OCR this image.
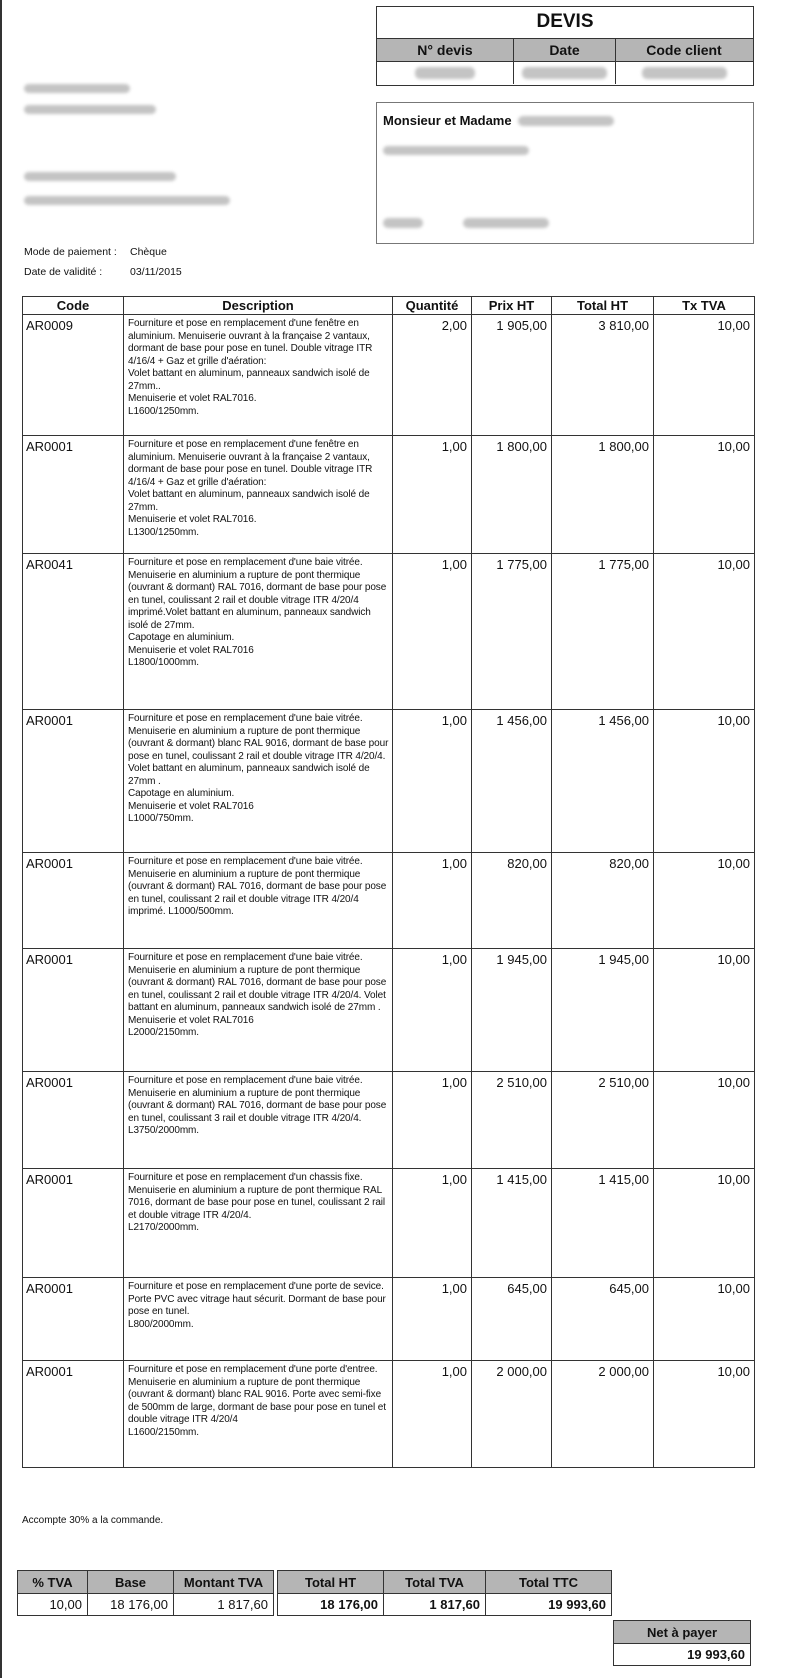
DEVIS
N° devis	Date	Code client
Monsieur et Madame
Mode de paiement : Chèque
Date de validité :	03/11/2015
Code	Description	Quantité	Prix HT	Total HT	Tx TVA
AR0009	Fourniture et pose en remplacement d'une fenêtre en aluminium. Menuiserie ouvrant à la française 2 vantaux, dormant de base pour pose en tunel. Double vitrage ITR 4/16/4 + Gaz et grille d'aération:
Volet battant en aluminum, panneaux sandwich isolé de 27mm..
Menuiserie et volet RAL7016.
L1600/1250mm.	2,00	1 905,00	3 810,00	10,00
AR0001	Fourniture et pose en remplacement d'une fenêtre en aluminium. Menuiserie ouvrant à la française 2 vantaux, dormant de base pour pose en tunel. Double vitrage ITR 4/16/4 + Gaz et grille d'aération:
Volet battant en aluminum, panneaux sandwich isolé de 27mm.
Menuiserie et volet RAL7016.
L1300/1250mm.	1,00	1 800,00	1 800,00	10,00
AR0041	Fourniture et pose en remplacement d'une baie vitrée. Menuiserie en aluminium a rupture de pont thermique (ouvrant & dormant) RAL 7016, dormant de base pour pose en tunel, coulissant 2 rail et double vitrage ITR 4/20/4 imprimé.Volet battant en aluminum, panneaux sandwich isolé de 27mm.
Capotage en aluminium.
Menuiserie et volet RAL7016
L1800/1000mm.	1,00	1 775,00	1 775,00	10,00
AR0001	Fourniture et pose en remplacement d'une baie vitrée. Menuiserie en aluminium a rupture de pont thermique (ouvrant & dormant) blanc RAL 9016, dormant de base pour pose en tunel, coulissant 2 rail et double vitrage ITR 4/20/4. Volet battant en aluminum, panneaux sandwich isolé de 27mm .
Capotage en aluminium.
Menuiserie et volet RAL7016
L1000/750mm.	1,00	1 456,00	1 456,00	10,00
AR0001	Fourniture et pose en remplacement d'une baie vitrée. Menuiserie en aluminium a rupture de pont thermique (ouvrant & dormant) RAL 7016, dormant de base pour pose en tunel, coulissant 2 rail et double vitrage ITR 4/20/4 imprimé. L1000/500mm.	1,00	820,00	820,00	10,00
AR0001	Fourniture et pose en remplacement d'une baie vitrée. Menuiserie en aluminium a rupture de pont thermique (ouvrant & dormant) RAL 7016, dormant de base pour pose en tunel, coulissant 2 rail et double vitrage ITR 4/20/4. Volet battant en aluminum, panneaux sandwich isolé de 27mm .
Menuiserie et volet RAL7016
L2000/2150mm.	1,00	1 945,00	1 945,00	10,00
AR0001	Fourniture et pose en remplacement d'une baie vitrée. Menuiserie en aluminium a rupture de pont thermique (ouvrant & dormant) RAL 7016, dormant de base pour pose en tunel, coulissant 3 rail et double vitrage ITR 4/20/4.
L3750/2000mm.	1,00	2 510,00	2 510,00	10,00
AR0001	Fourniture et pose en remplacement d'un chassis fixe. Menuiserie en aluminium a rupture de pont thermique RAL 7016, dormant de base pour pose en tunel, coulissant 2 rail et double vitrage ITR 4/20/4.
L2170/2000mm.	1,00	1 415,00	1 415,00	10,00
AR0001	Fourniture et pose en remplacement d'une porte de sevice. Porte PVC avec vitrage haut sécurit. Dormant de base pour pose en tunel.
L800/2000mm.	1,00	645,00	645,00	10,00
AR0001	Fourniture et pose en remplacement d'une porte d'entree. Menuiserie en aluminium a rupture de pont thermique (ouvrant & dormant) blanc RAL 9016. Porte avec semi-fixe de 500mm de large, dormant de base pour pose en tunel et double vitrage ITR 4/20/4
L1600/2150mm.	1,00	2 000,00	2 000,00	10,00
Accompte 30% a la commande.
% TVA	Base	Montant TVA		Total HT	Total TVA	Total TTC
10,00	18 176,00	1 817,60		18 176,00	1 817,60	19 993,60
Net à payer
19 993,60
